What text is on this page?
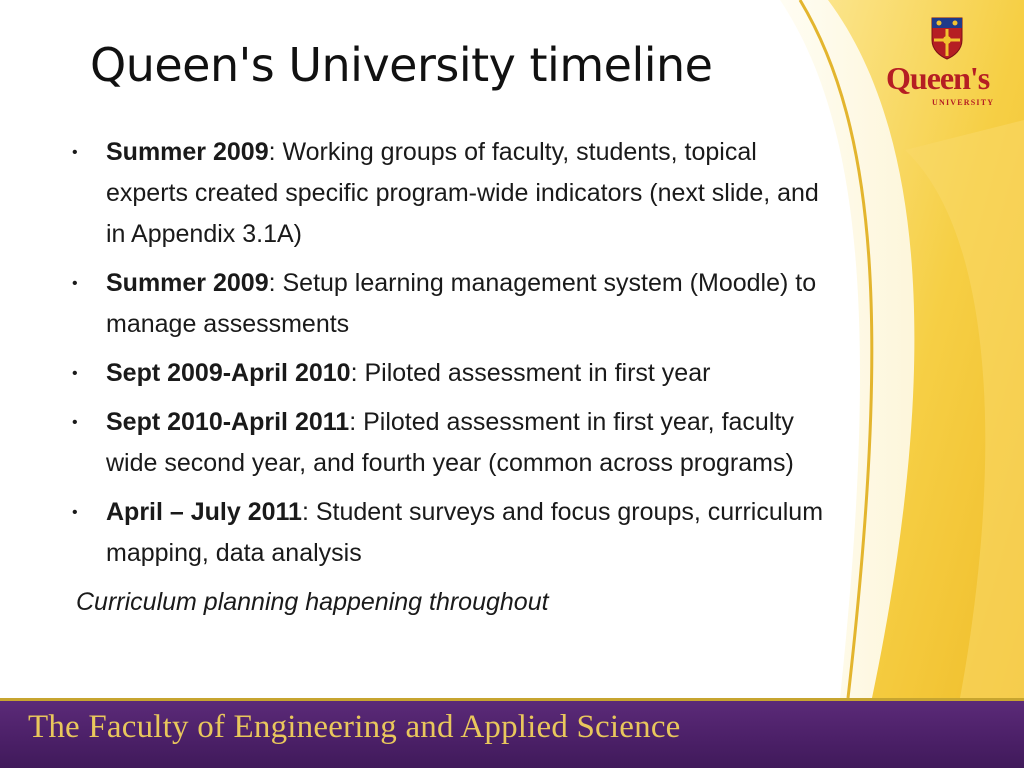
Queen's
UNIVERSITY
Queen's University timeline
• Summer 2009: Working groups of faculty, students, topical experts created specific program-wide indicators (next slide, and in Appendix 3.1A)
• Summer 2009: Setup learning management system (Moodle) to manage assessments
• Sept 2009-April 2010: Piloted assessment in first year
• Sept 2010-April 2011: Piloted assessment in first year, faculty wide second year, and fourth year (common across programs)
• April – July 2011: Student surveys and focus groups, curriculum mapping, data analysis
Curriculum planning happening throughout
The Faculty of Engineering and Applied Science
